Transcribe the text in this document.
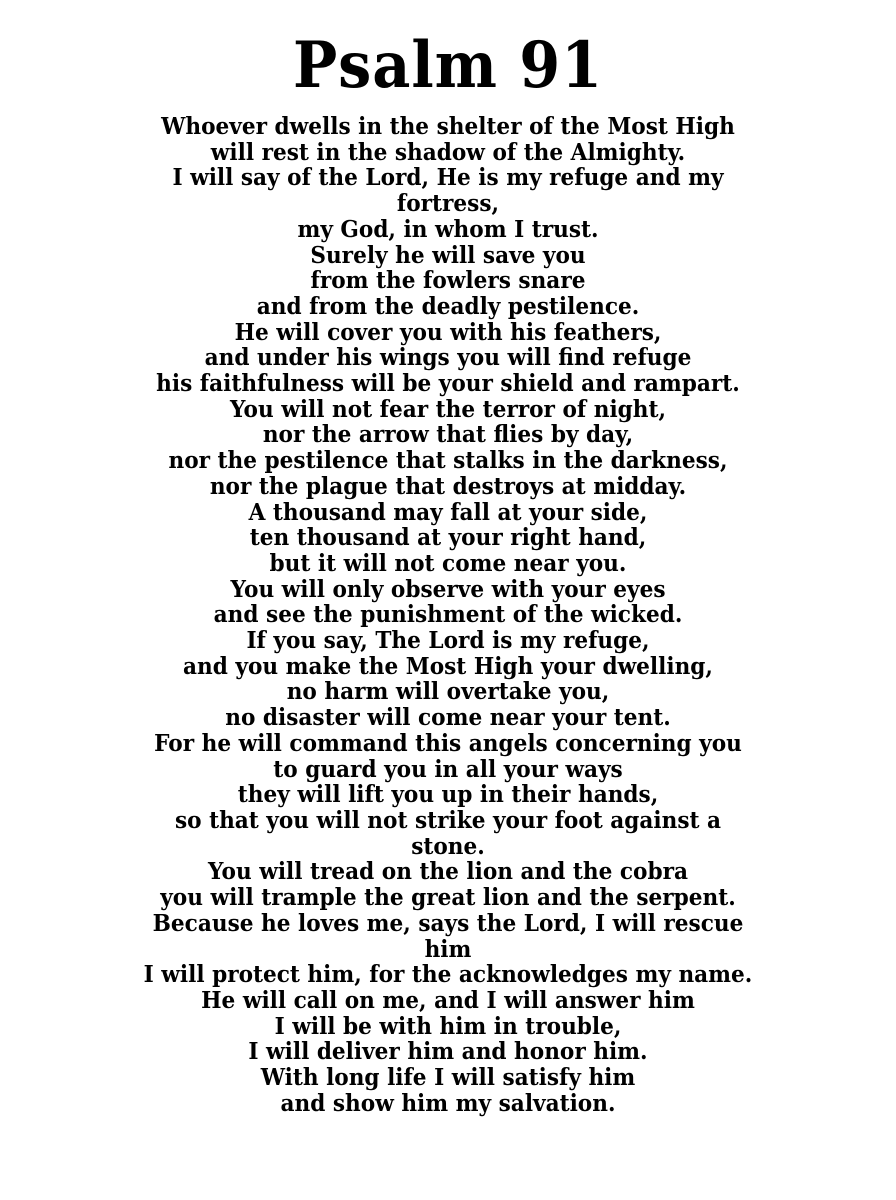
Psalm 91
Whoever dwells in the shelter of the Most High
will rest in the shadow of the Almighty.
I will say of the Lord, He is my refuge and my
fortress,
my God, in whom I trust.
Surely he will save you
from the fowlers snare
and from the deadly pestilence.
He will cover you with his feathers,
and under his wings you will find refuge
his faithfulness will be your shield and rampart.
You will not fear the terror of night,
nor the arrow that flies by day,
nor the pestilence that stalks in the darkness,
nor the plague that destroys at midday.
A thousand may fall at your side,
ten thousand at your right hand,
but it will not come near you.
You will only observe with your eyes
and see the punishment of the wicked.
If you say, The Lord is my refuge,
and you make the Most High your dwelling,
no harm will overtake you,
no disaster will come near your tent.
For he will command this angels concerning you
to guard you in all your ways
they will lift you up in their hands,
so that you will not strike your foot against a
stone.
You will tread on the lion and the cobra
you will trample the great lion and the serpent.
Because he loves me, says the Lord, I will rescue
him
I will protect him, for the acknowledges my name.
He will call on me, and I will answer him
I will be with him in trouble,
I will deliver him and honor him.
With long life I will satisfy him
and show him my salvation.
